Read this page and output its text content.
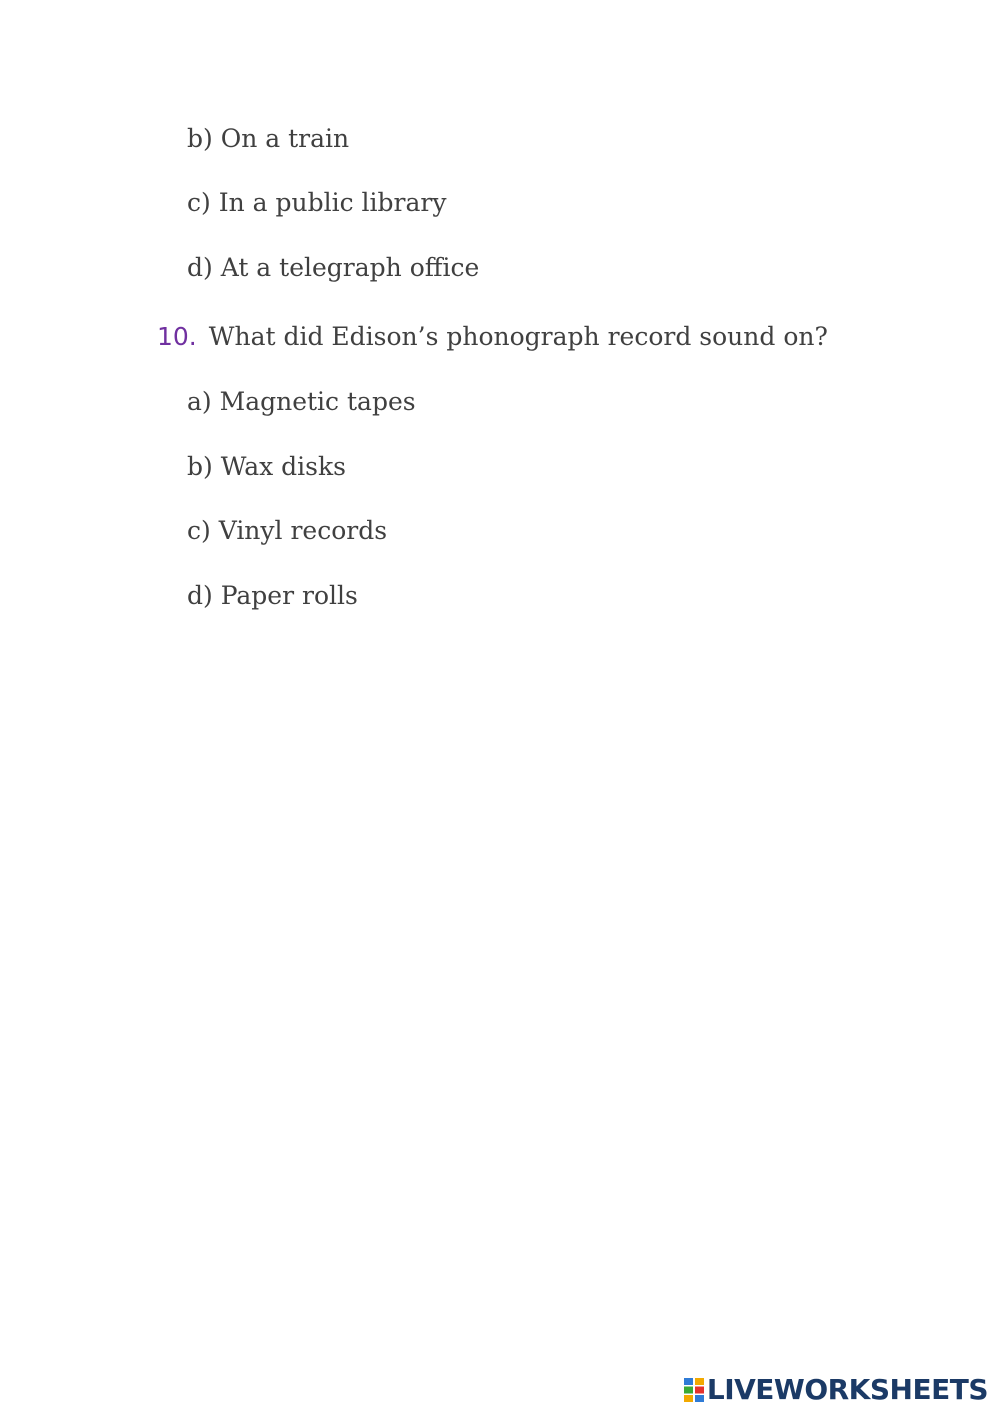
b) On a train
c) In a public library
d) At a telegraph office
10. What did Edison’s phonograph record sound on?
a) Magnetic tapes
b) Wax disks
c) Vinyl records
d) Paper rolls
LIVEWORKSHEETS
